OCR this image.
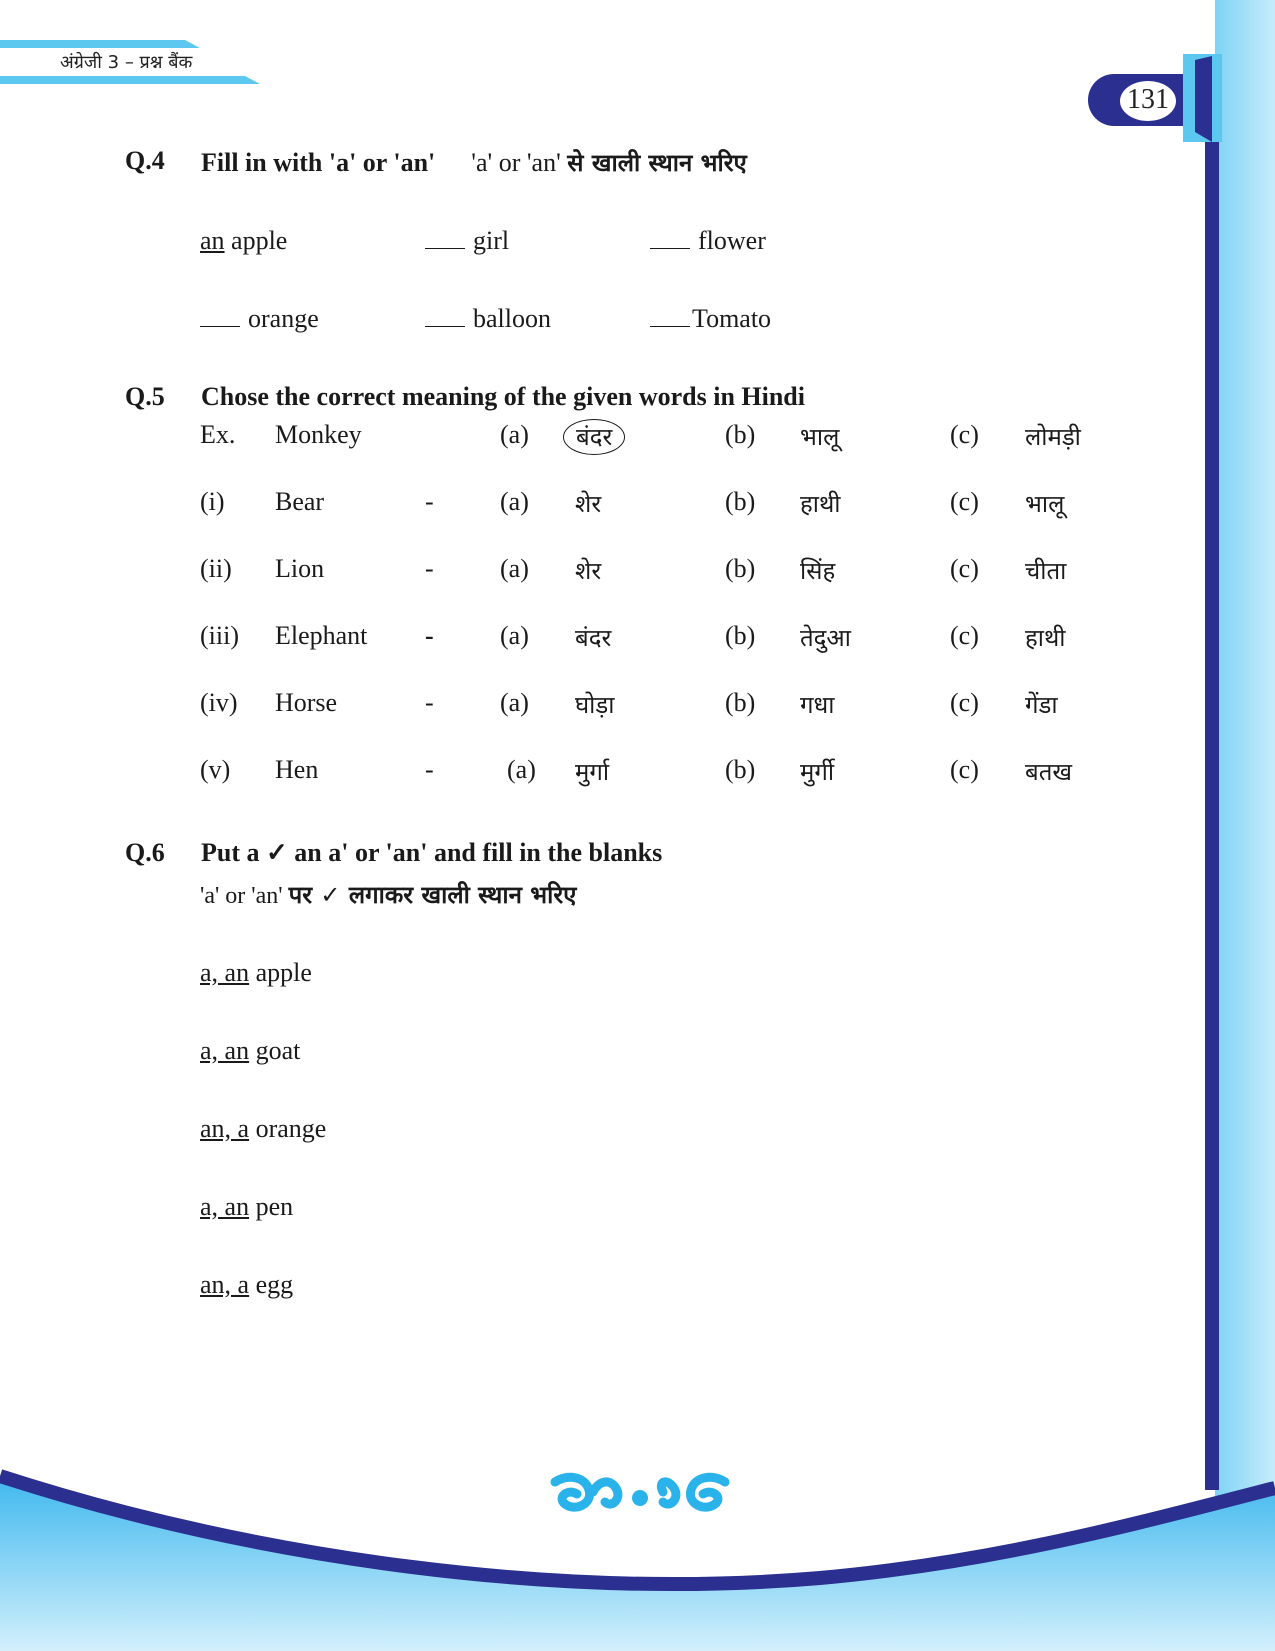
अंग्रेजी 3 – प्रश्न बैंक
131
Q.4 Fill in with 'a' or 'an' 'a' or 'an' से खाली स्थान भरिए
an apple	girl	flower
orange	balloon	Tomato
Q.5 Chose the correct meaning of the given words in Hindi
Ex. Monkey	(a) बंदर	(b) भालू	(c) लोमड़ी
(i) Bear	-	(a) शेर	(b) हाथी	(c) भालू
(ii) Lion	-	(a) शेर	(b) सिंह	(c) चीता
(iii) Elephant -	(a) बंदर	(b) तेदुआ	(c) हाथी
(iv) Horse	-	(a) घोड़ा	(b) गधा	(c) गेंडा
(v) Hen	-	(a) मुर्गा	(b) मुर्गी	(c) बतख
Q.6 Put a ✓ an a' or 'an' and fill in the blanks
'a' or 'an' पर ✓ लगाकर खाली स्थान भरिए
a, an apple
a, an goat
an, a orange
a, an pen
an, a egg
